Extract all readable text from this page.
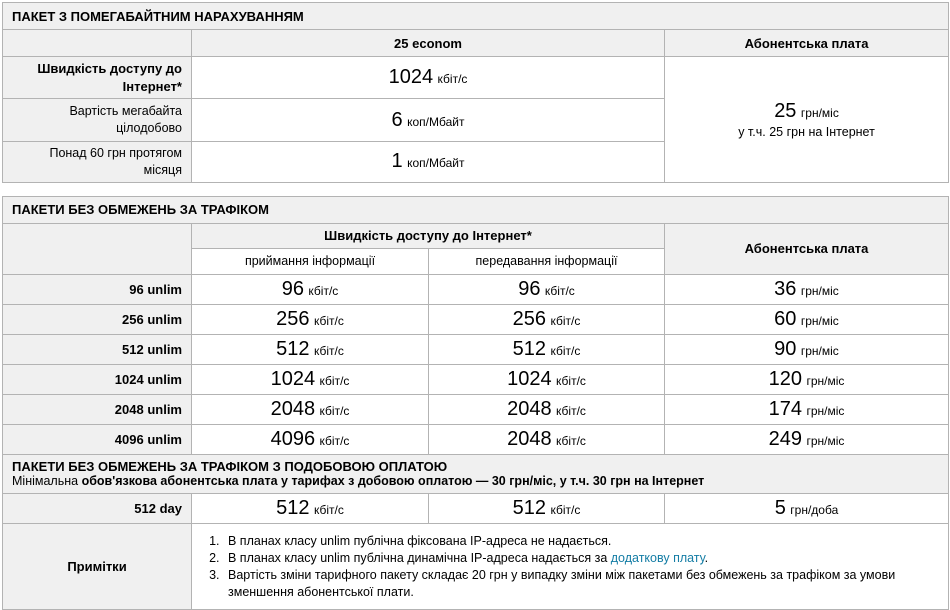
ПАКЕТ З ПОМЕГАБАЙТНИМ НАРАХУВАННЯМ		
	25 econom	Абонентська плата
Швидкість доступу до Інтернет*	1024 кбіт/с	25 грн/міс
у т.ч. 25 грн на Інтернет

Вартість мегабайта цілодобово	6 коп/Мбайт	
Понад 60 грн протягом місяця	1 коп/Мбайт	
ПАКЕТИ БЕЗ ОБМЕЖЕНЬ ЗА ТРАФІКОМ			
	Швидкість доступу до Інтернет*		Абонентська плата
	приймання інформації	передавання інформації	
96 unlim	96 кбіт/с	96 кбіт/с	36 грн/міс
256 unlim	256 кбіт/с	256 кбіт/с	60 грн/міс
512 unlim	512 кбіт/с	512 кбіт/с	90 грн/міс
1024 unlim	1024 кбіт/с	1024 кбіт/с	120 грн/міс
2048 unlim	2048 кбіт/с	2048 кбіт/с	174 грн/міс
4096 unlim	4096 кбіт/с	2048 кбіт/с	249 грн/міс

ПАКЕТИ БЕЗ ОБМЕЖЕНЬ ЗА ТРАФІКОМ З ПОДОБОВОЮ ОПЛАТОЮ
Мінімальна обов'язкова абонентська плата у тарифах з добовою оплатою — 30 грн/міс, у т.ч. 30 грн на Інтернет			

512 day	512 кбіт/с	512 кбіт/с	5 грн/доба
Примітки	
1. В планах класу unlim публічна фіксована IP-адреса не надається.
2. В планах класу unlim публічна динамічна IP-адреса надається за додаткову плату.
3. Вартість зміни тарифного пакету складає 20 грн у випадку зміни між пакетами без обмежень за трафіком за умови зменшення абонентської плати.
